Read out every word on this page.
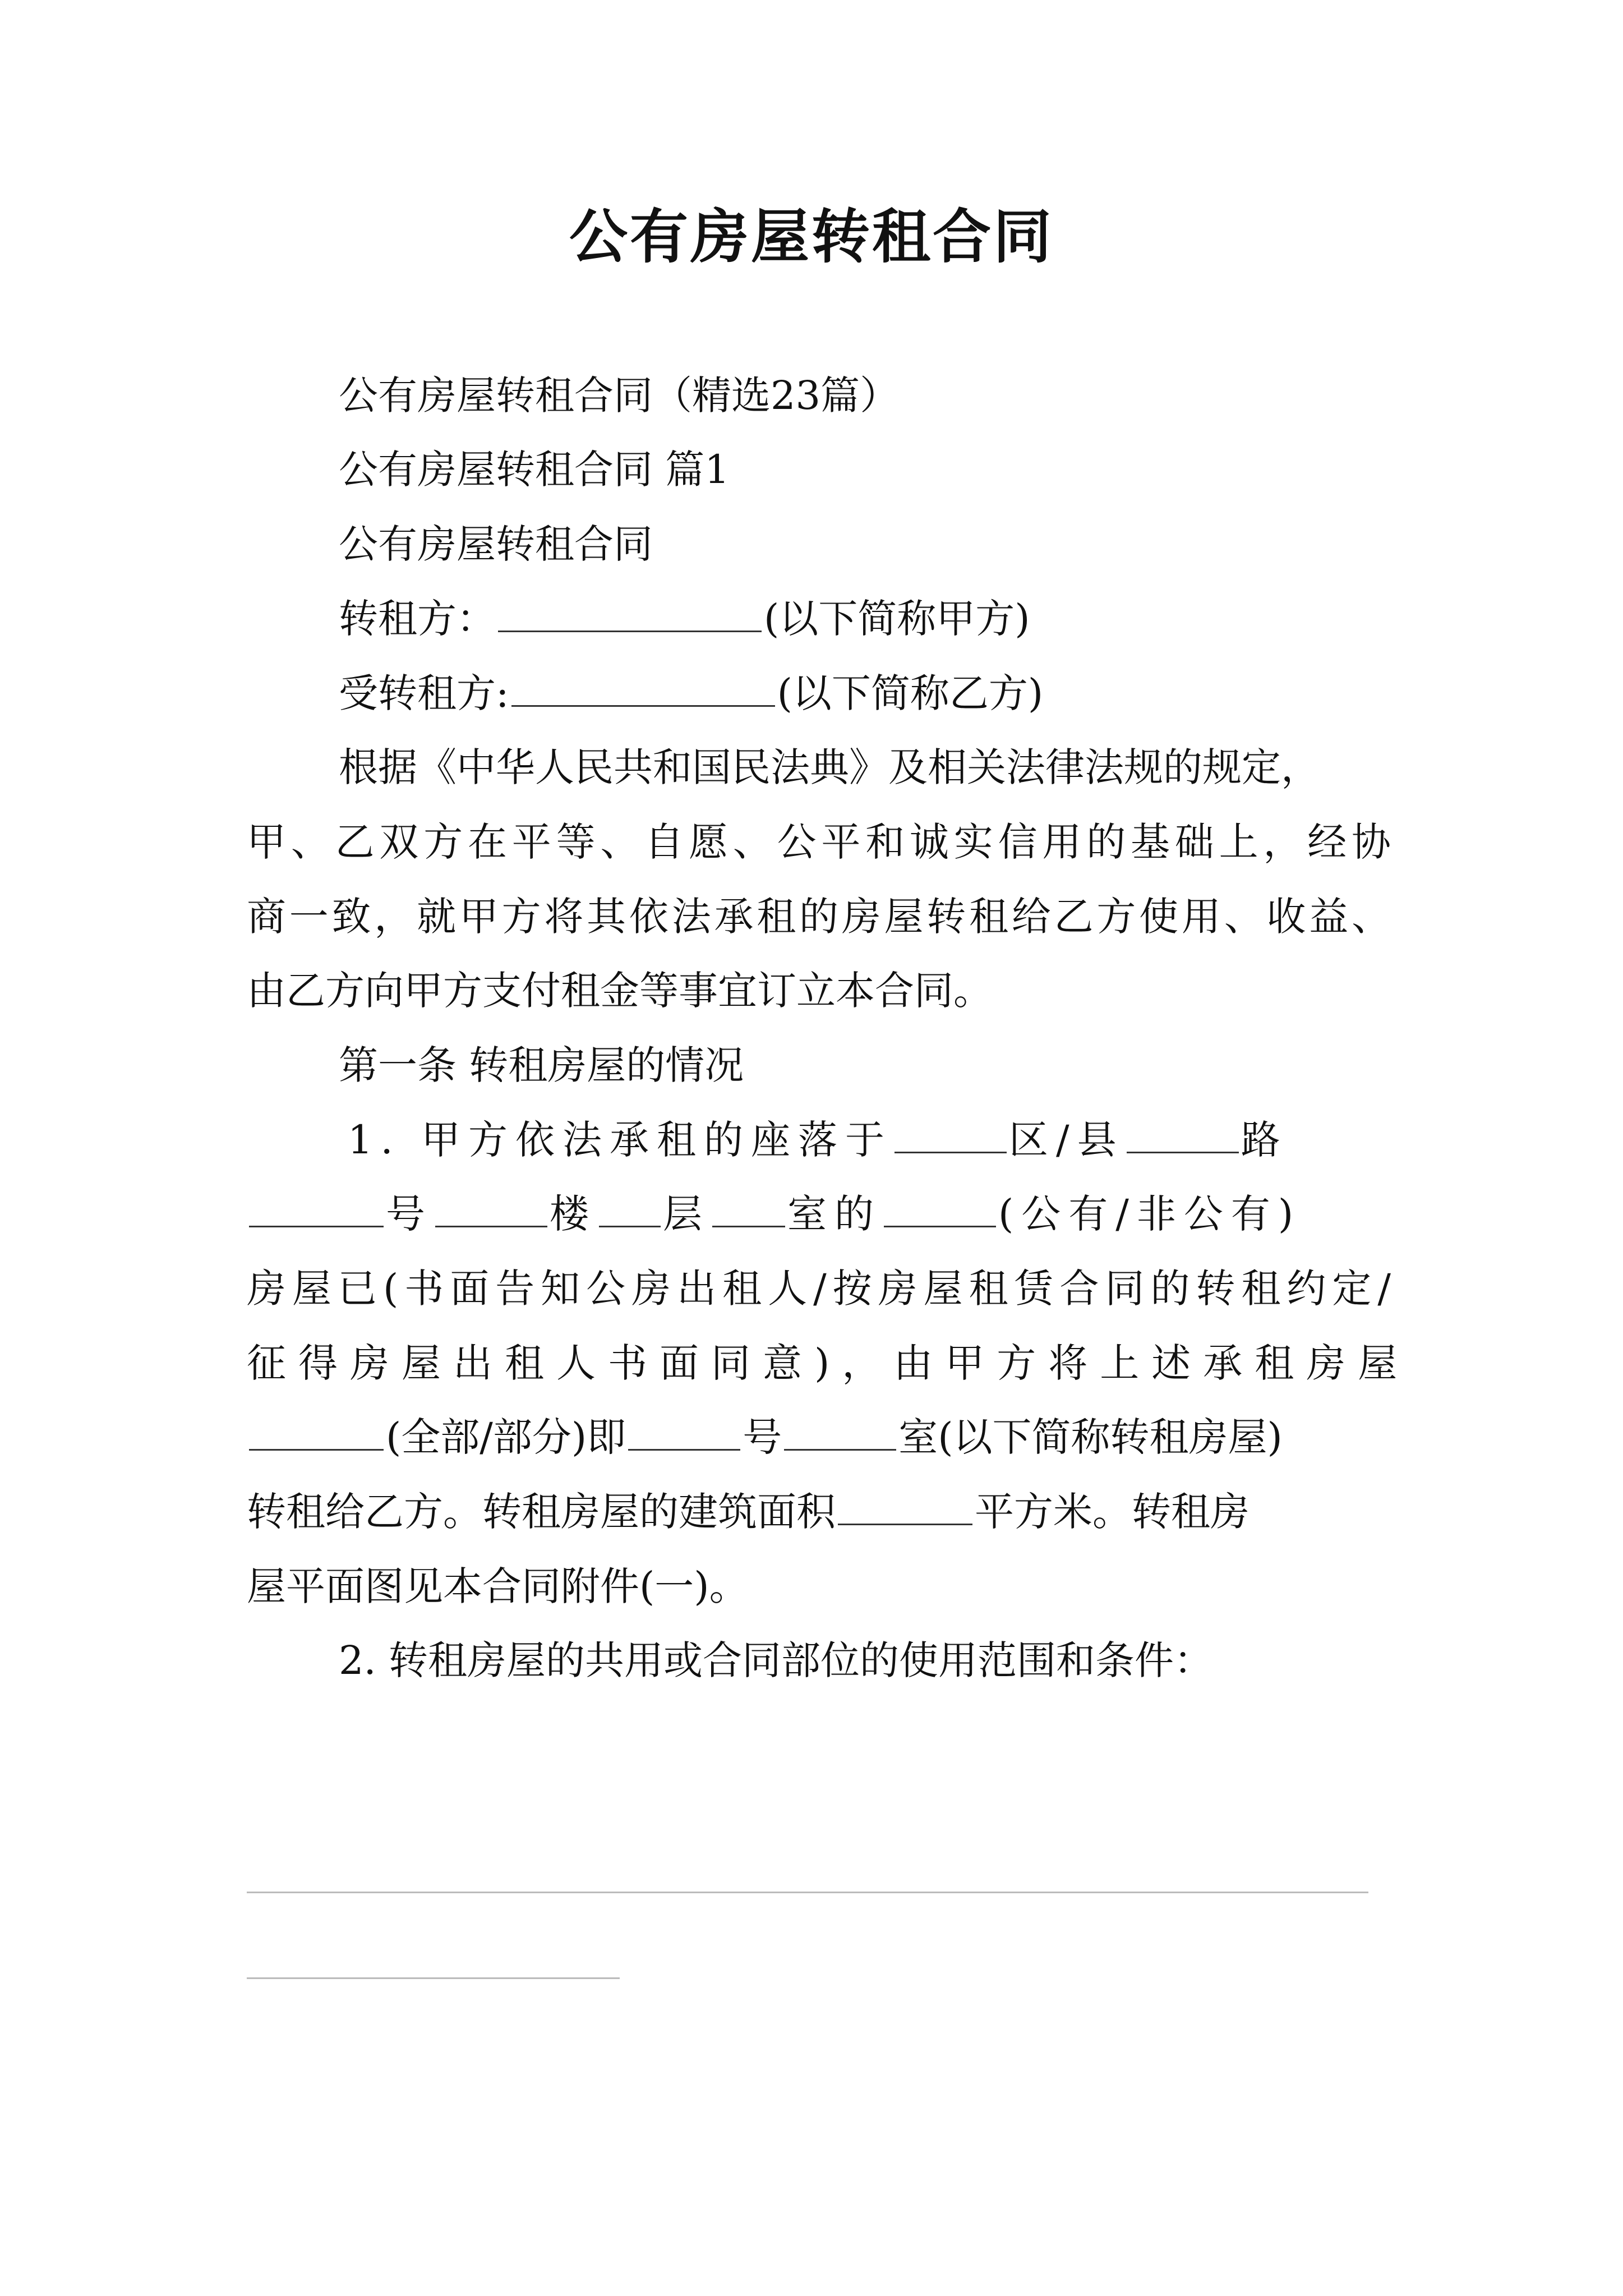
公有房屋转租合同
公有房屋转租合同（精选23篇）
公有房屋转租合同 篇1
公有房屋转租合同
转租方：	(以下简称甲方)
受转租方:	(以下简称乙方)
根据《中华人民共和国民法典》及相关法律法规的规定，
甲、乙双方在平等、自愿、公平和诚实信用的基础上，经协
商一致，就甲方将其依法承租的房屋转租给乙方使用、收益、
由乙方向甲方支付租金等事宜订立本合同。
第一条 转租房屋的情况
1. 甲方依法承租的座落于	区/县	路
号	楼 层 室的	(公有/非公有)
房屋已(书面告知公房出租人/按房屋租赁合同的转租约定/
征得房屋出租人书面同意)，由甲方将上述承租房屋
(全部/部分)即	号	室(以下简称转租房屋)
转租给乙方。转租房屋的建筑面积	平方米。转租房
屋平面图见本合同附件(一)。
2. 转租房屋的共用或合同部位的使用范围和条件：
